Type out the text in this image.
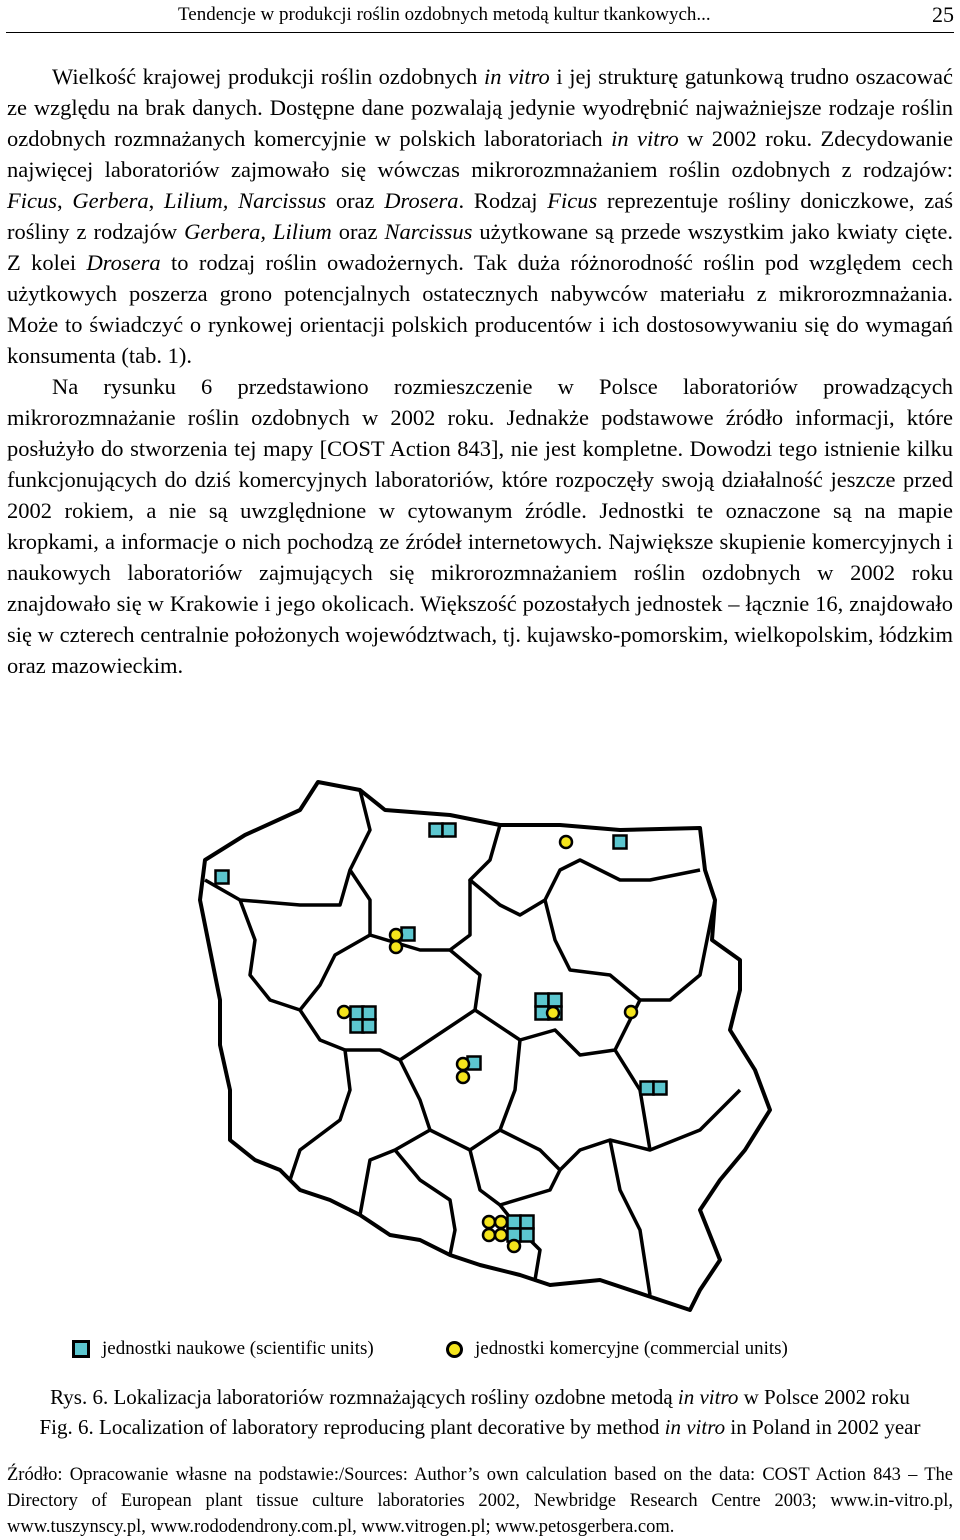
Tendencje w produkcji roślin ozdobnych metodą kultur tkankowych...	25

Wielkość krajowej produkcji roślin ozdobnych in vitro i jej strukturę gatunkową trudno oszacować ze względu na brak danych. Dostępne dane pozwalają jedynie wyodrębnić najważniejsze rodzaje roślin ozdobnych rozmnażanych komercyjnie w polskich laboratoriach in vitro w 2002 roku. Zdecydowanie najwięcej laboratoriów zajmowało się wówczas mikrorozmnażaniem roślin ozdobnych z rodzajów: Ficus, Gerbera, Lilium, Narcissus oraz Drosera. Rodzaj Ficus reprezentuje rośliny doniczkowe, zaś rośliny z rodzajów Gerbera, Lilium oraz Narcissus użytkowane są przede wszystkim jako kwiaty cięte. Z kolei Drosera to rodzaj roślin owadożernych. Tak duża różnorodność roślin pod względem cech użytkowych poszerza grono potencjalnych ostatecznych nabywców materiału z mikrorozmnażania. Może to świadczyć o rynkowej orientacji polskich producentów i ich dostosowywaniu się do wymagań konsumenta (tab. 1).

Na rysunku 6 przedstawiono rozmieszczenie w Polsce laboratoriów prowadzących mikrorozmnażanie roślin ozdobnych w 2002 roku. Jednakże podstawowe źródło informacji, które posłużyło do stworzenia tej mapy [COST Action 843], nie jest kompletne. Dowodzi tego istnienie kilku funkcjonujących do dziś komercyjnych laboratoriów, które rozpoczęły swoją działalność jeszcze przed 2002 rokiem, a nie są uwzględnione w cytowanym źródle. Jednostki te oznaczone są na mapie kropkami, a informacje o nich pochodzą ze źródeł internetowych. Największe skupienie komercyjnych i naukowych laboratoriów zajmujących się mikrorozmnażaniem roślin ozdobnych w 2002 roku znajdowało się w Krakowie i jego okolicach. Większość pozostałych jednostek – łącznie 16, znajdowało się w czterech centralnie położonych województwach, tj. kujawsko-pomorskim, wielkopolskim, łódzkim oraz mazowieckim.

jednostki naukowe (scientific units)	jednostki komercyjne (commercial units)
Rys. 6. Lokalizacja laboratoriów rozmnażających rośliny ozdobne metodą in vitro w Polsce 2002 roku
Fig. 6. Localization of laboratory reproducing plant decorative by method in vitro in Poland in 2002 year
Źródło: Opracowanie własne na podstawie:/Sources: Author’s own calculation based on the data: COST Action 843 – The Directory of European plant tissue culture laboratories 2002, Newbridge Research Centre 2003; www.in-vitro.pl, www.tuszynscy.pl, www.rododendrony.com.pl, www.vitrogen.pl; www.petosgerbera.com.
